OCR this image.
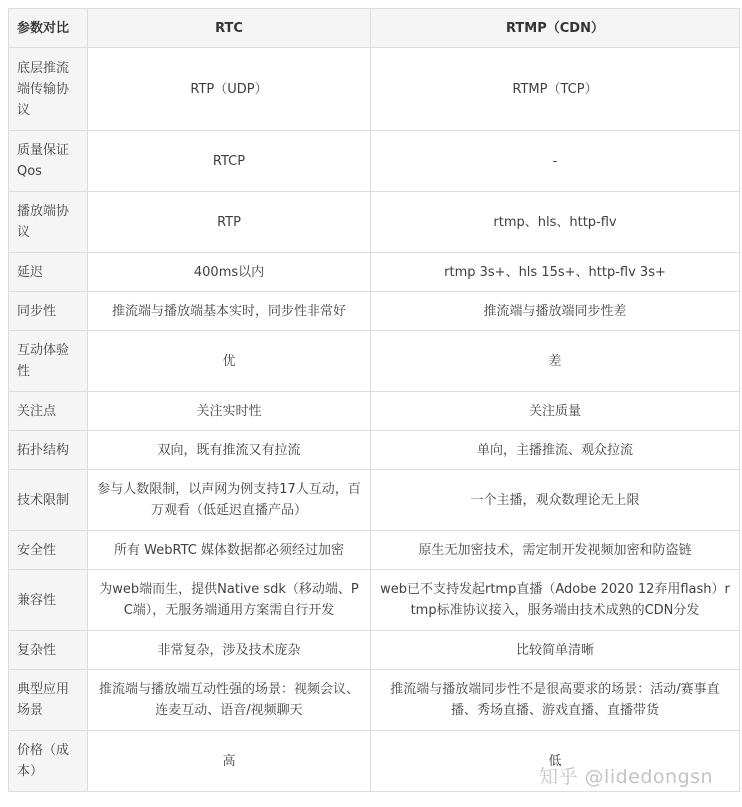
参数对比	RTC	RTMP（CDN）
底层推流端传输协议	RTP（UDP）	RTMP（TCP）
质量保证Qos	RTCP	-
播放端协议	RTP	rtmp、hls、http-flv
延迟	400ms以内	rtmp 3s+、hls 15s+、http-flv 3s+
同步性	推流端与播放端基本实时，同步性非常好	推流端与播放端同步性差
互动体验性	优	差
关注点	关注实时性	关注质量
拓扑结构	双向，既有推流又有拉流	单向，主播推流、观众拉流
技术限制	参与人数限制，以声网为例支持17人互动，百万观看（低延迟直播产品）	一个主播，观众数理论无上限
安全性	所有 WebRTC 媒体数据都必须经过加密	原生无加密技术，需定制开发视频加密和防盗链
兼容性	为web端而生，提供Native sdk（移动端、PC端），无服务端通用方案需自行开发	web已不支持发起rtmp直播（Adobe 2020 12弃用flash）rtmp标准协议接入，服务端由技术成熟的CDN分发
复杂性	非常复杂，涉及技术庞杂	比较简单清晰
典型应用场景	推流端与播放端互动性强的场景：视频会议、连麦互动、语音/视频聊天	推流端与播放端同步性不是很高要求的场景：活动/赛事直播、秀场直播、游戏直播、直播带货
价格（成本）	高	低
知乎 @lidedongsn
